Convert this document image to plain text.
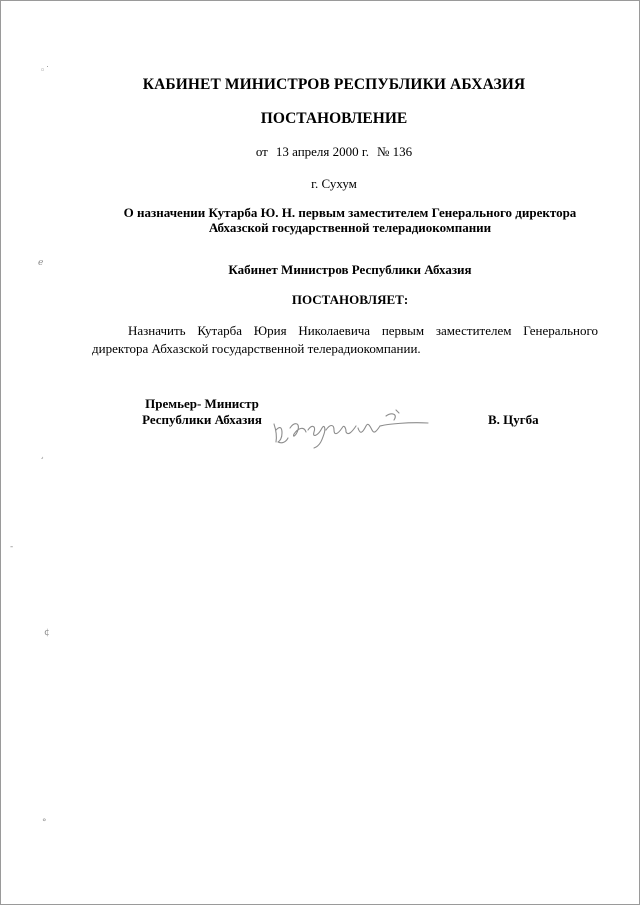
◦˙
ℯ
¸
-
¢
°
КАБИНЕТ МИНИСТРОВ РЕСПУБЛИКИ АБХАЗИЯ
ПОСТАНОВЛЕНИЕ
от 13 апреля 2000 г. № 136
г. Сухум
О назначении Кутарба Ю. Н. первым заместителем Генерального директора
Абхазской государственной телерадиокомпании
Кабинет Министров Республики Абхазия
ПОСТАНОВЛЯЕТ:
Назначить Кутарба Юрия Николаевича первым заместителем Генерального директора Абхазской государственной телерадиокомпании.
Премьер- Министр
Республики Абхазия	В. Цугба
